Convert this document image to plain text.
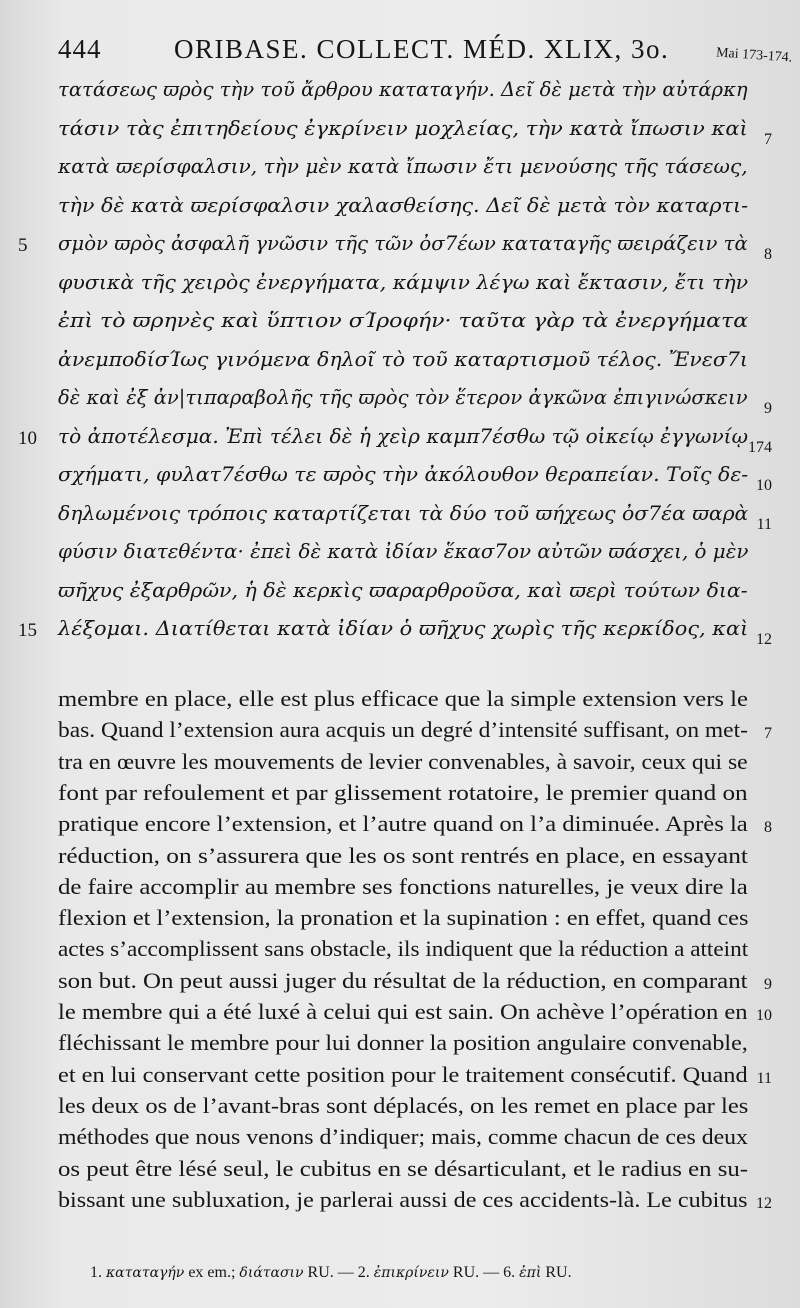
444	ORIBASE. COLLECT. MÉD. XLIX, 3o.	Mai 173-174.
τατάσεως ϖρὸς τὴν τοῦ ἄρθρου καταταγήν. Δεῖ δὲ μετὰ τὴν αὐτάρκη
τάσιν τὰς ἐπιτηδείους ἐγκρίνειν μοχλείας, τὴν κατὰ ἴπωσιν καὶ
κατὰ ϖερίσφαλσιν, τὴν μὲν κατὰ ἴπωσιν ἔτι μενούσης τῆς τάσεως,
τὴν δὲ κατὰ ϖερίσφαλσιν χαλασθείσης. Δεῖ δὲ μετὰ τὸν καταρτι-
σμὸν ϖρὸς ἀσφαλῆ γνῶσιν τῆς τῶν ὀσ7έων καταταγῆς ϖειράζειν τὰ
φυσικὰ τῆς χειρὸς ἐνεργήματα, κάμψιν λέγω καὶ ἔκτασιν, ἔτι τὴν
ἐπὶ τὸ ϖρηνὲς καὶ ὕπτιον σΊροφήν· ταῦτα γὰρ τὰ ἐνεργήματα
ἀνεμποδίσΊως γινόμενα δηλοῖ τὸ τοῦ καταρτισμοῦ τέλος. Ἔνεσ7ι
δὲ καὶ ἐξ ἀν|τιπαραβολῆς τῆς ϖρὸς τὸν ἕτερον ἀγκῶνα ἐπιγινώσκειν
τὸ ἀποτέλεσμα. Ἐπὶ τέλει δὲ ἡ χεὶρ καμπ7έσθω τῷ οἰκείῳ ἐγγωνίῳ
σχήματι, φυλατ7έσθω τε ϖρὸς τὴν ἀκόλουθον θεραπείαν. Τοῖς δε-
δηλωμένοις τρόποις καταρτίζεται τὰ δύο τοῦ ϖήχεως ὀσ7έα ϖαρὰ
φύσιν διατεθέντα· ἐπεὶ δὲ κατὰ ἰδίαν ἕκασ7ον αὐτῶν ϖάσχει, ὁ μὲν
ϖῆχυς ἐξαρθρῶν, ἡ δὲ κερκὶς ϖαραρθροῦσα, καὶ ϖερὶ τούτων δια-
λέξομαι. Διατίθεται κατὰ ἰδίαν ὁ ϖῆχυς χωρὶς τῆς κερκίδος, καὶ
5
10
15
7
8
9
174
10
11
12
membre en place, elle est plus efficace que la simple extension vers le
bas. Quand l’extension aura acquis un degré d’intensité suffisant, on met-
tra en œuvre les mouvements de levier convenables, à savoir, ceux qui se
font par refoulement et par glissement rotatoire, le premier quand on
pratique encore l’extension, et l’autre quand on l’a diminuée. Après la
réduction, on s’assurera que les os sont rentrés en place, en essayant
de faire accomplir au membre ses fonctions naturelles, je veux dire la
flexion et l’extension, la pronation et la supination : en effet, quand ces
actes s’accomplissent sans obstacle, ils indiquent que la réduction a atteint
son but. On peut aussi juger du résultat de la réduction, en comparant
le membre qui a été luxé à celui qui est sain. On achève l’opération en
fléchissant le membre pour lui donner la position angulaire convenable,
et en lui conservant cette position pour le traitement consécutif. Quand
les deux os de l’avant-bras sont déplacés, on les remet en place par les
méthodes que nous venons d’indiquer; mais, comme chacun de ces deux
os peut être lésé seul, le cubitus en se désarticulant, et le radius en su-
bissant une subluxation, je parlerai aussi de ces accidents-là. Le cubitus
7
8
9
10
11
12
1. καταταγήν ex em.; διάτασιν RU. — 2. ἐπικρίνειν RU. — 6. ἐπὶ RU.
